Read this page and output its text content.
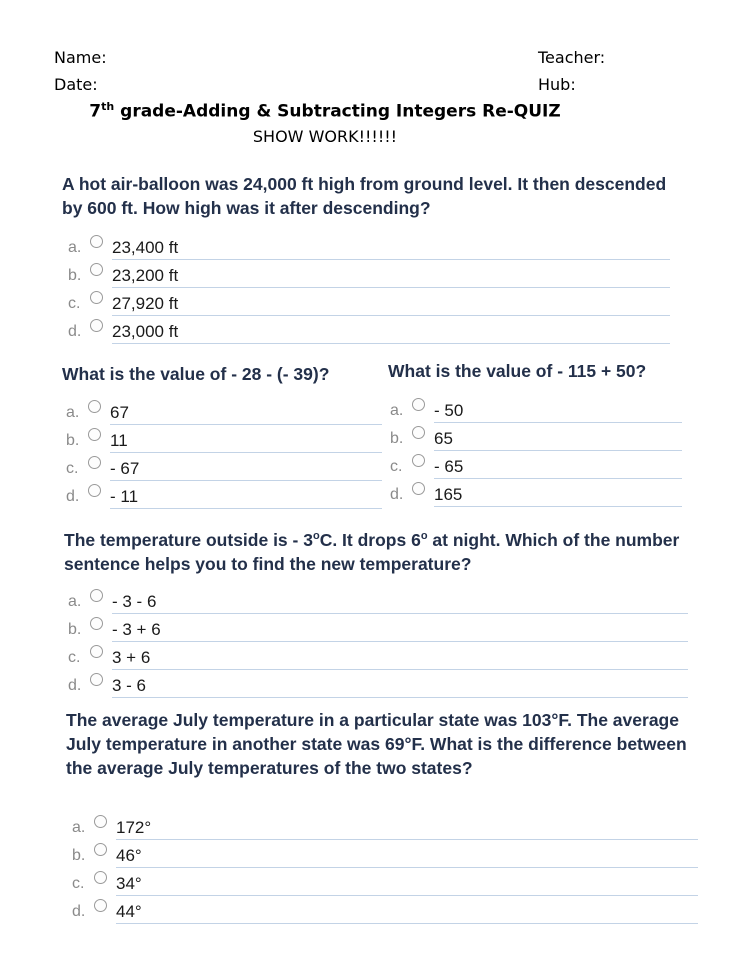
Name:
Date:
Teacher:
Hub:
7th grade-Adding & Subtracting Integers Re-QUIZ
SHOW WORK!!!!!!
A hot air-balloon was 24,000 ft high from ground level. It then descended by 600 ft. How high was it after descending?
a. 23,400 ft
b. 23,200 ft
c. 27,920 ft
d. 23,000 ft
What is the value of - 28 - (- 39)?
a. 67
b. 11
c. - 67
d. - 11
What is the value of - 115 + 50?
a. - 50
b. 65
c. - 65
d. 165
The temperature outside is - 3$^o$C. It drops 6$^o$ at night. Which of the number sentence helps you to find the new temperature?
a. - 3 - 6
b. - 3 + 6
c. 3 + 6
d. 3 - 6
The average July temperature in a particular state was 103°F. The average July temperature in another state was 69°F. What is the difference between the average July temperatures of the two states?
a. 172°
b. 46°
c. 34°
d. 44°
